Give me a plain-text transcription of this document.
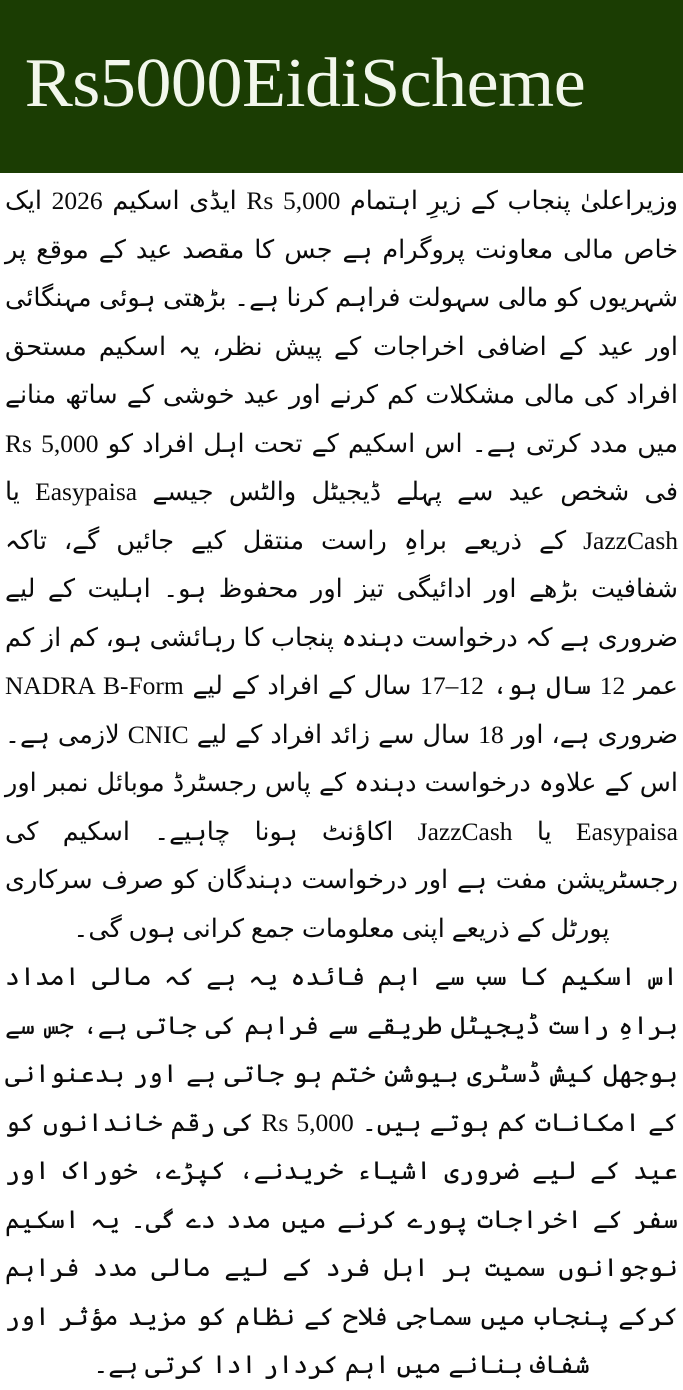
Rs5000EidiScheme

وزیراعلیٰ پنجاب کے زیرِ اہتمام Rs 5,000 ایڈی اسکیم 2026 ایک خاص مالی معاونت پروگرام ہے جس کا مقصد عید کے موقع پر شہریوں کو مالی سہولت فراہم کرنا ہے۔ بڑھتی ہوئی مہنگائی اور عید کے اضافی اخراجات کے پیش نظر، یہ اسکیم مستحق افراد کی مالی مشکلات کم کرنے اور عید خوشی کے ساتھ منانے میں مدد کرتی ہے۔ اس اسکیم کے تحت اہل افراد کو Rs 5,000 فی شخص عید سے پہلے ڈیجیٹل والٹس جیسے Easypaisa یا JazzCash کے ذریعے براہِ راست منتقل کیے جائیں گے، تاکہ شفافیت بڑھے اور ادائیگی تیز اور محفوظ ہو۔ اہلیت کے لیے ضروری ہے کہ درخواست دہندہ پنجاب کا رہائشی ہو، کم از کم عمر 12 سال ہو، 12–17 سال کے افراد کے لیے NADRA B-Form ضروری ہے، اور 18 سال سے زائد افراد کے لیے CNIC لازمی ہے۔ اس کے علاوہ درخواست دہندہ کے پاس رجسٹرڈ موبائل نمبر اور Easypaisa یا JazzCash اکاؤنٹ ہونا چاہیے۔ اسکیم کی رجسٹریشن مفت ہے اور درخواست دہندگان کو صرف سرکاری پورٹل کے ذریعے اپنی معلومات جمع کرانی ہوں گی۔

اس اسکیم کا سب سے اہم فائدہ یہ ہے کہ مالی امداد براہِ راست ڈیجیٹل طریقے سے فراہم کی جاتی ہے، جس سے بوجھل کیش ڈسٹری بیوشن ختم ہو جاتی ہے اور بدعنوانی کے امکانات کم ہوتے ہیں۔ Rs 5,000 کی رقم خاندانوں کو عید کے لیے ضروری اشیاء خریدنے، کپڑے، خوراک اور سفر کے اخراجات پورے کرنے میں مدد دے گی۔ یہ اسکیم نوجوانوں سمیت ہر اہل فرد کے لیے مالی مدد فراہم کرکے پنجاب میں سماجی فلاح کے نظام کو مزید مؤثر اور شفاف بنانے میں اہم کردار ادا کرتی ہے۔
